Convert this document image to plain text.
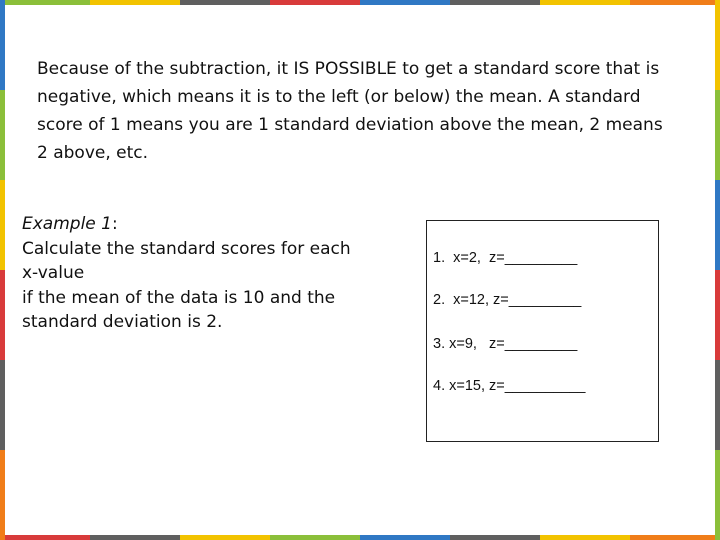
Because of the subtraction, it IS POSSIBLE to get a standard score that is negative, which means it is to the left (or below) the mean. A standard score of 1 means you are 1 standard deviation above the mean, 2 means 2 above, etc.

Example 1:
Calculate the standard scores for each x-value
if the mean of the data is 10 and the standard deviation is 2.
1.  x=2,  z=_________
2.  x=12, z=_________
3. x=9,   z=_________
4. x=15, z=__________
